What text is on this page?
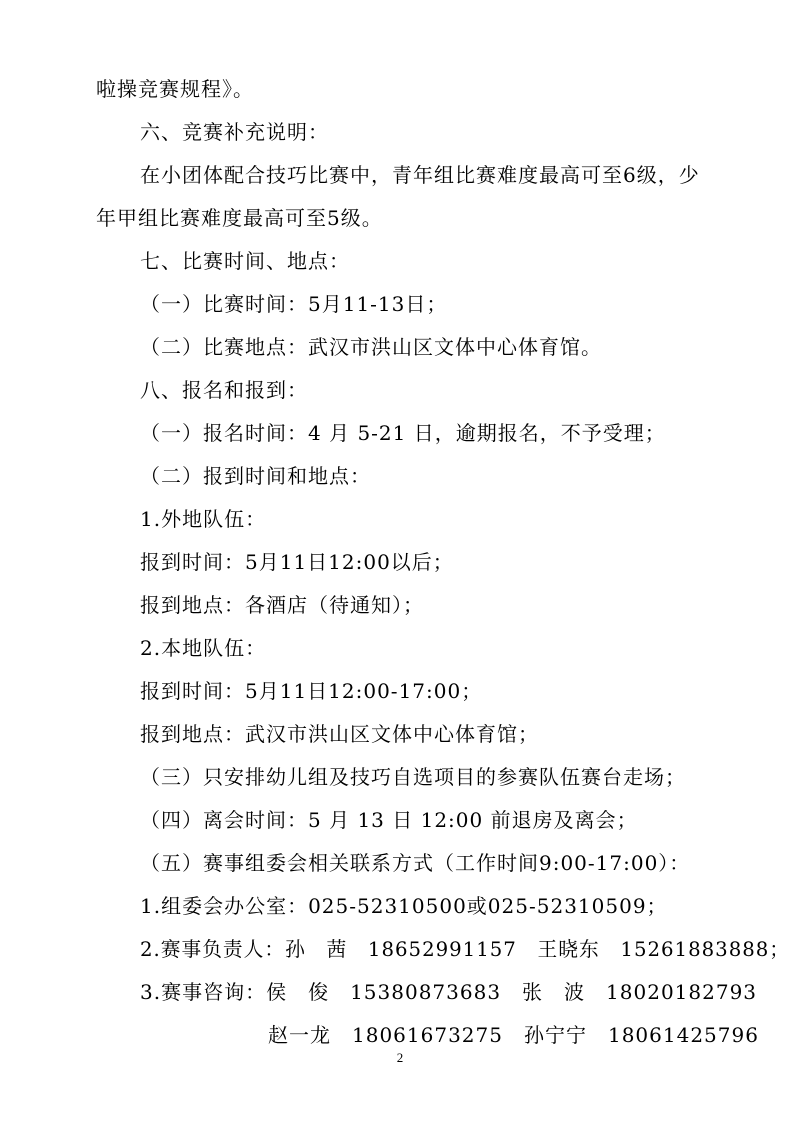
啦操竞赛规程》。
六、竞赛补充说明：
在小团体配合技巧比赛中，青年组比赛难度最高可至6级，少
年甲组比赛难度最高可至5级。
七、比赛时间、地点：
（一）比赛时间：5月11-13日；
（二）比赛地点：武汉市洪山区文体中心体育馆。
八、报名和报到：
（一）报名时间：4 月 5-21 日，逾期报名，不予受理；
（二）报到时间和地点：
1.外地队伍：
报到时间：5月11日12:00以后；
报到地点：各酒店（待通知）；
2.本地队伍：
报到时间：5月11日12:00-17:00；
报到地点：武汉市洪山区文体中心体育馆；
（三）只安排幼儿组及技巧自选项目的参赛队伍赛台走场；
（四）离会时间：5 月 13 日 12:00 前退房及离会；
（五）赛事组委会相关联系方式（工作时间9:00-17:00）：
1.组委会办公室：025-52310500或025-52310509；
2.赛事负责人：孙　茜　18652991157　王晓东　15261883888；
3.赛事咨询：侯　俊　15380873683　张　波　18020182793
赵一龙　18061673275　孙宁宁　18061425796
2
